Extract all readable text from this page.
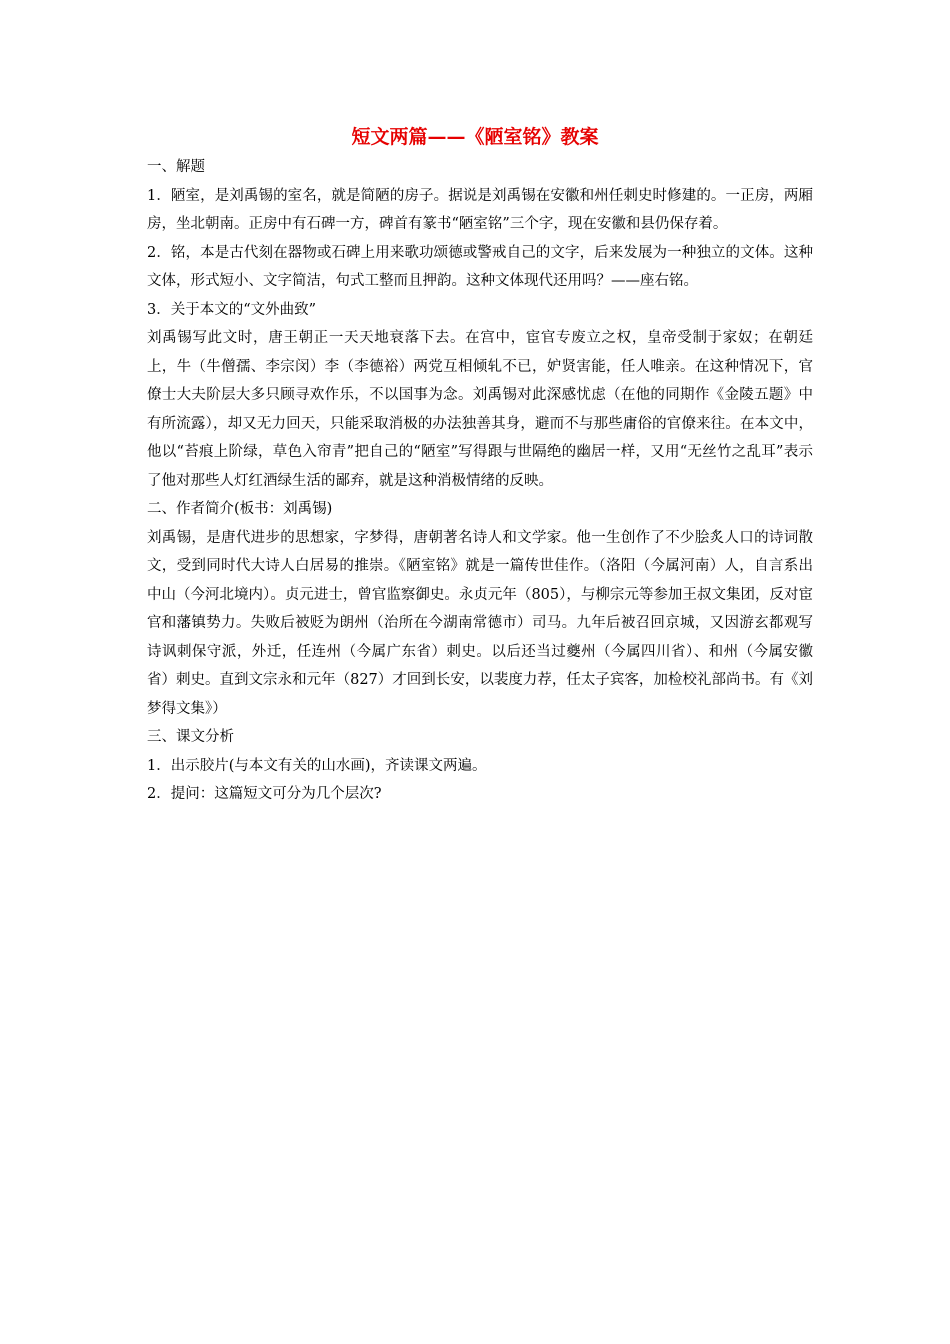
短文两篇——《陋室铭》教案

一、解题

1．陋室，是刘禹锡的室名，就是简陋的房子。据说是刘禹锡在安徽和州任刺史时修建的。一正房，两厢房，坐北朝南。正房中有石碑一方，碑首有篆书“陋室铭”三个字，现在安徽和县仍保存着。

2．铭，本是古代刻在器物或石碑上用来歌功颂德或警戒自己的文字，后来发展为一种独立的文体。这种文体，形式短小、文字简洁，句式工整而且押韵。这种文体现代还用吗？——座右铭。

3．关于本文的“文外曲致”

刘禹锡写此文时，唐王朝正一天天地衰落下去。在宫中，宦官专废立之权，皇帝受制于家奴；在朝廷上，牛（牛僧孺、李宗闵）李（李德裕）两党互相倾轧不已，妒贤害能，任人唯亲。在这种情况下，官僚士大夫阶层大多只顾寻欢作乐，不以国事为念。刘禹锡对此深感忧虑（在他的同期作《金陵五题》中有所流露），却又无力回天，只能采取消极的办法独善其身，避而不与那些庸俗的官僚来往。在本文中，他以“苔痕上阶绿，草色入帘青”把自己的“陋室”写得跟与世隔绝的幽居一样，又用“无丝竹之乱耳”表示了他对那些人灯红酒绿生活的鄙弃，就是这种消极情绪的反映。

二、作者简介(板书：刘禹锡)

刘禹锡，是唐代进步的思想家，字梦得，唐朝著名诗人和文学家。他一生创作了不少脍炙人口的诗词散文，受到同时代大诗人白居易的推崇。《陋室铭》就是一篇传世佳作。（洛阳（今属河南）人，自言系出中山（今河北境内）。贞元进士，曾官监察御史。永贞元年（805），与柳宗元等参加王叔文集团，反对宦官和藩镇势力。失败后被贬为朗州（治所在今湖南常德市）司马。九年后被召回京城，又因游玄都观写诗讽刺保守派，外迁，任连州（今属广东省）刺史。以后还当过夔州（今属四川省）、和州（今属安徽省）刺史。直到文宗永和元年（827）才回到长安，以裴度力荐，任太子宾客，加检校礼部尚书。有《刘梦得文集》）

三、课文分析

1．出示胶片(与本文有关的山水画)，齐读课文两遍。

2．提问：这篇短文可分为几个层次?
